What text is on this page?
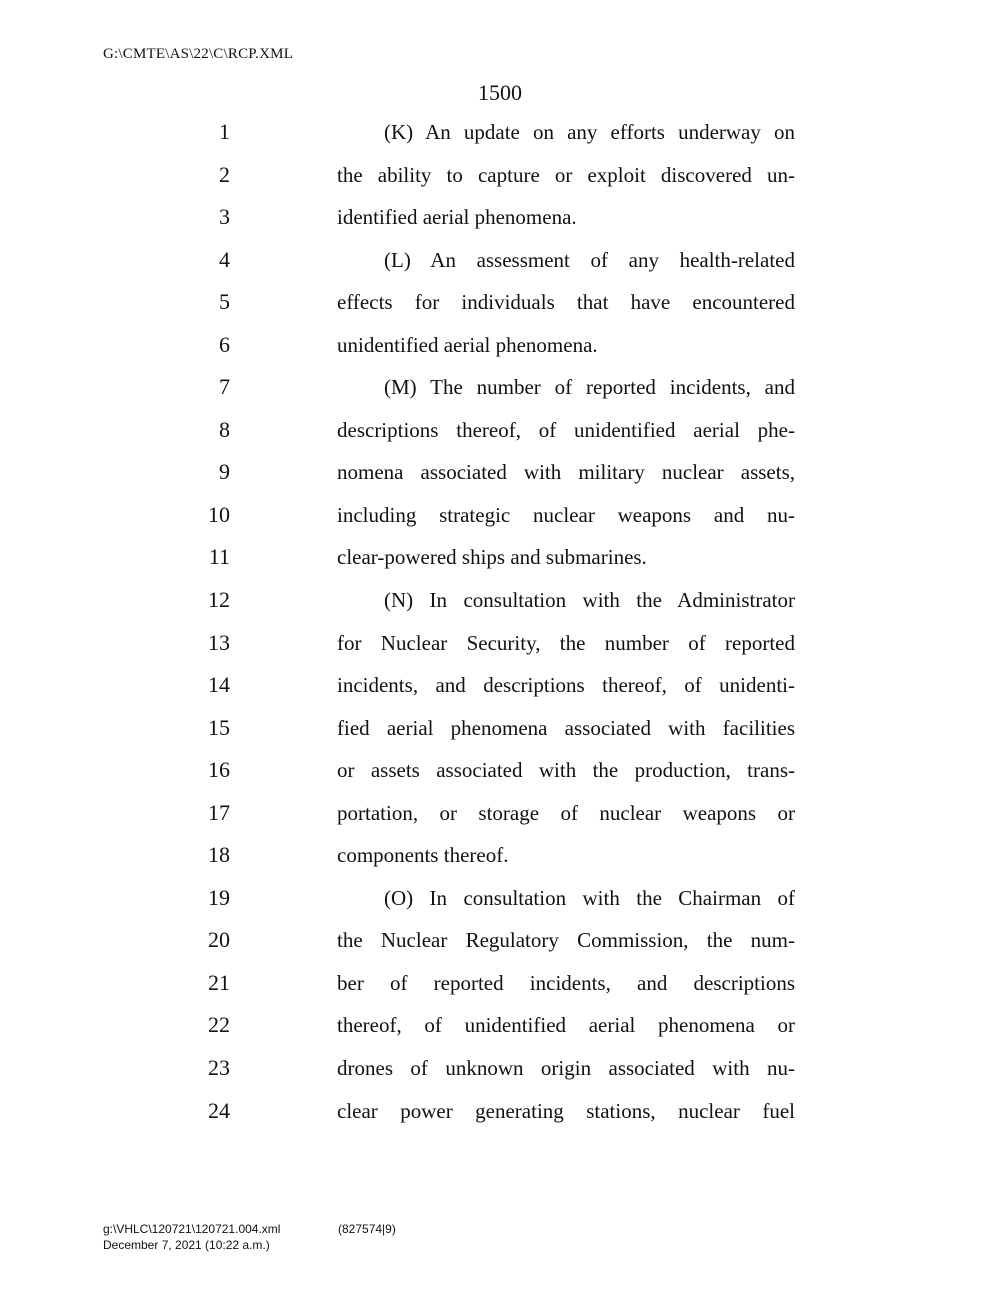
G:\CMTE\AS\22\C\RCP.XML
1500
1	(K) An update on any efforts underway on
2	the ability to capture or exploit discovered un-
3	identified aerial phenomena.
4	(L) An assessment of any health-related
5	effects for individuals that have encountered
6	unidentified aerial phenomena.
7	(M) The number of reported incidents, and
8	descriptions thereof, of unidentified aerial phe-
9	nomena associated with military nuclear assets,
10	including strategic nuclear weapons and nu-
11	clear-powered ships and submarines.
12	(N) In consultation with the Administrator
13	for Nuclear Security, the number of reported
14	incidents, and descriptions thereof, of unidenti-
15	fied aerial phenomena associated with facilities
16	or assets associated with the production, trans-
17	portation, or storage of nuclear weapons or
18	components thereof.
19	(O) In consultation with the Chairman of
20	the Nuclear Regulatory Commission, the num-
21	ber of reported incidents, and descriptions
22	thereof, of unidentified aerial phenomena or
23	drones of unknown origin associated with nu-
24	clear power generating stations, nuclear fuel
g:\VHLC\120721\120721.004.xml	(827574|9)
December 7, 2021 (10:22 a.m.)
